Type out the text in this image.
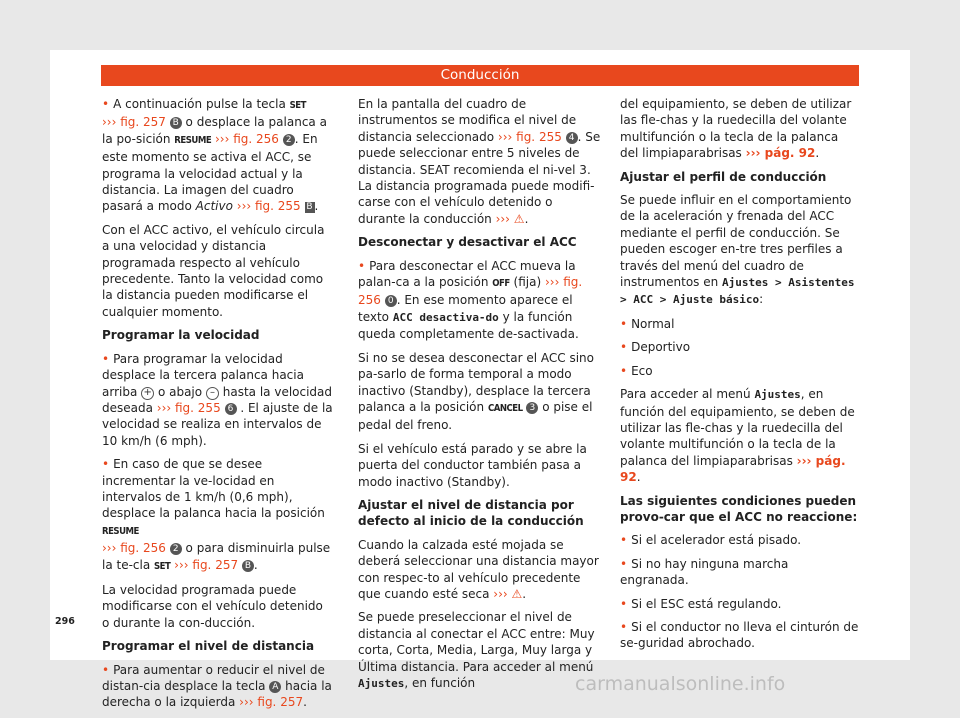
Conducción

• A continuación pulse la tecla SET
››› fig. 257 B o desplace la palanca a la po-sición RESUME ››› fig. 256 2 . En este momento se activa el ACC, se programa la velocidad actual y la distancia. La imagen del cuadro pasará a modo Activo ››› fig. 255 B .

Con el ACC activo, el vehículo circula a una velocidad y distancia programada respecto al vehículo precedente. Tanto la velocidad como la distancia pueden modificarse el cualquier momento.

Programar la velocidad

• Para programar la velocidad desplace la tercera palanca hacia arriba + o abajo – hasta la velocidad deseada ››› fig. 255 6 . El ajuste de la velocidad se realiza en intervalos de 10 km/h (6 mph).

• En caso de que se desee incrementar la ve-locidad en intervalos de 1 km/h (0,6 mph), desplace la palanca hacia la posición RESUME
››› fig. 256 2 o para disminuirla pulse la te-cla SET ››› fig. 257 B .

La velocidad programada puede modificarse con el vehículo detenido o durante la con-ducción.

Programar el nivel de distancia

• Para aumentar o reducir el nivel de distan-cia desplace la tecla A hacia la derecha o la izquierda ››› fig. 257.

En la pantalla del cuadro de instrumentos se modifica el nivel de distancia seleccionado ››› fig. 255 4 . Se puede seleccionar entre 5 niveles de distancia. SEAT recomienda el ni-vel 3. La distancia programada puede modifi-carse con el vehículo detenido o durante la conducción ››› ⚠.

Desconectar y desactivar el ACC

• Para desconectar el ACC mueva la palan-ca a la posición OFF (fija) ››› fig. 256 0 . En ese momento aparece el texto ACC desactiva-do y la función queda completamente de-sactivada.

Si no se desea desconectar el ACC sino pa-sarlo de forma temporal a modo inactivo (Standby), desplace la tercera palanca a la posición CANCEL 3 o pise el pedal del freno.

Si el vehículo está parado y se abre la puerta del conductor también pasa a modo inactivo (Standby).

Ajustar el nivel de distancia por defecto al inicio de la conducción

Cuando la calzada esté mojada se deberá seleccionar una distancia mayor con respec-to al vehículo precedente que cuando esté seca ››› ⚠.

Se puede preseleccionar el nivel de distancia al conectar el ACC entre: Muy corta, Corta, Media, Larga, Muy larga y Última distancia. Para acceder al menú Ajustes, en función

del equipamiento, se deben de utilizar las fle-chas y la ruedecilla del volante multifunción o la tecla de la palanca del limpiaparabrisas ››› pág. 92.

Ajustar el perfil de conducción

Se puede influir en el comportamiento de la aceleración y frenada del ACC mediante el perfil de conducción. Se pueden escoger en-tre tres perfiles a través del menú del cuadro de instrumentos en Ajustes > Asistentes > ACC > Ajuste básico:

• Normal

• Deportivo

• Eco

Para acceder al menú Ajustes, en función del equipamiento, se deben de utilizar las fle-chas y la ruedecilla del volante multifunción o la tecla de la palanca del limpiaparabrisas ››› pág. 92.

Las siguientes condiciones pueden provo-car que el ACC no reaccione:

• Si el acelerador está pisado.

• Si no hay ninguna marcha engranada.

• Si el ESC está regulando.

• Si el conductor no lleva el cinturón de se-guridad abrochado.

296
carmanualsonline.info
